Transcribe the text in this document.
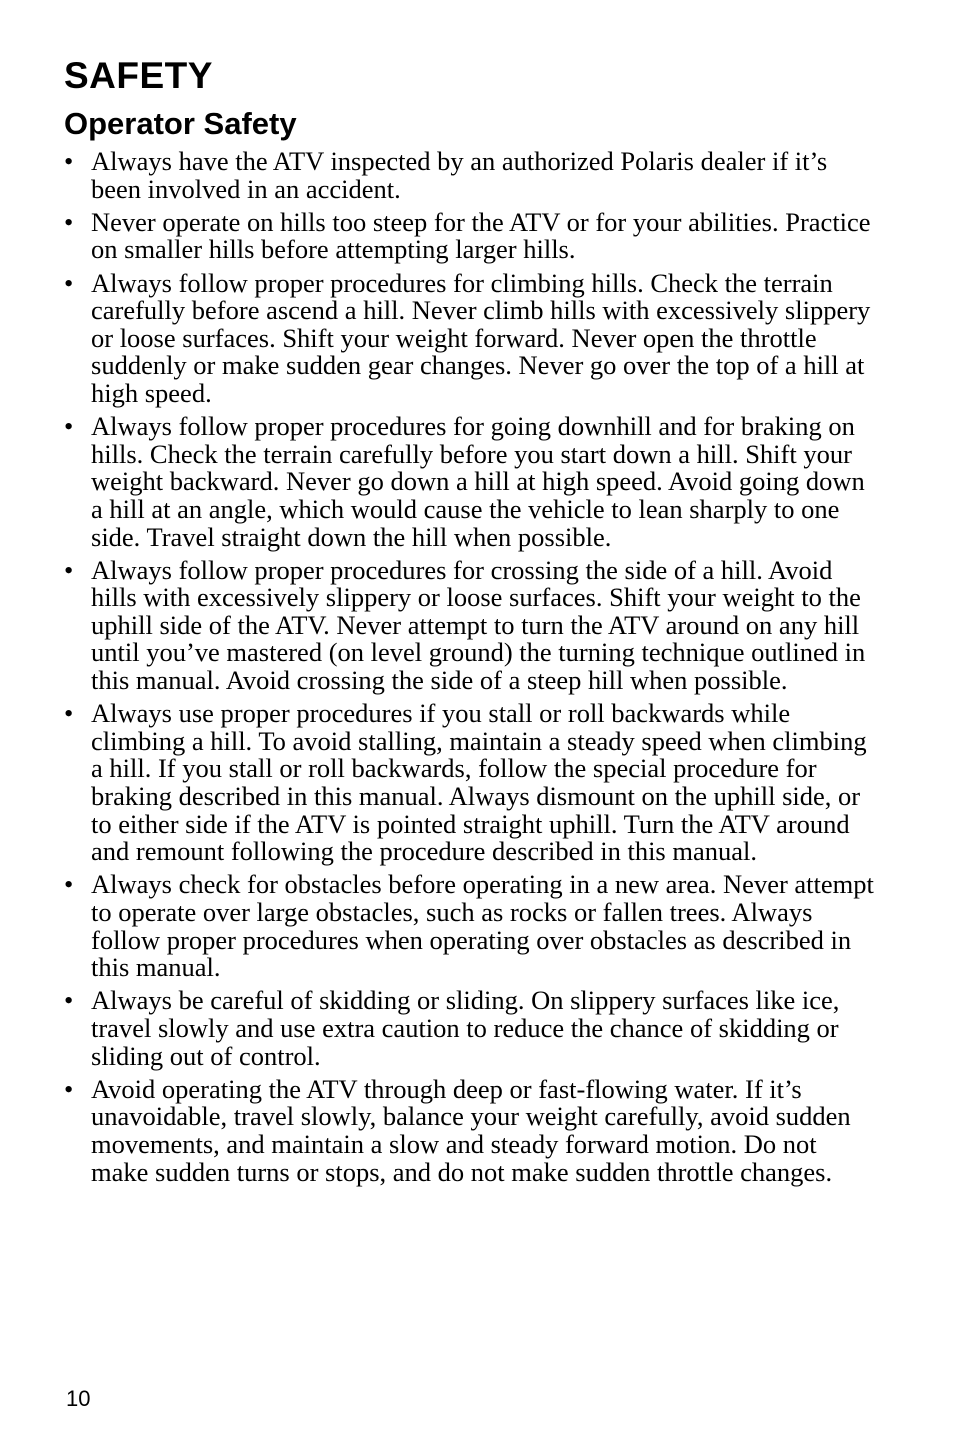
SAFETY
Operator Safety
• Always have the ATV inspected by an authorized Polaris dealer if it’s been involved in an accident.
• Never operate on hills too steep for the ATV or for your abilities. Practice on smaller hills before attempting larger hills.
• Always follow proper procedures for climbing hills. Check the terrain carefully before ascend a hill. Never climb hills with excessively slippery or loose surfaces. Shift your weight forward. Never open the throttle suddenly or make sudden gear changes. Never go over the top of a hill at high speed.
• Always follow proper procedures for going downhill and for braking on hills. Check the terrain carefully before you start down a hill. Shift your weight backward. Never go down a hill at high speed. Avoid going down a hill at an angle, which would cause the vehicle to lean sharply to one side. Travel straight down the hill when possible.
• Always follow proper procedures for crossing the side of a hill. Avoid hills with excessively slippery or loose surfaces. Shift your weight to the uphill side of the ATV. Never attempt to turn the ATV around on any hill until you’ve mastered (on level ground) the turning technique outlined in this manual. Avoid crossing the side of a steep hill when possible.
• Always use proper procedures if you stall or roll backwards while climbing a hill. To avoid stalling, maintain a steady speed when climbing a hill. If you stall or roll backwards, follow the special procedure for braking described in this manual. Always dismount on the uphill side, or to either side if the ATV is pointed straight uphill. Turn the ATV around and remount following the procedure described in this manual.
• Always check for obstacles before operating in a new area. Never attempt to operate over large obstacles, such as rocks or fallen trees. Always follow proper procedures when operating over obstacles as described in this manual.
• Always be careful of skidding or sliding. On slippery surfaces like ice, travel slowly and use extra caution to reduce the chance of skidding or sliding out of control.
• Avoid operating the ATV through deep or fast-flowing water. If it’s unavoidable, travel slowly, balance your weight carefully, avoid sudden movements, and maintain a slow and steady forward motion. Do not make sudden turns or stops, and do not make sudden throttle changes.
10
